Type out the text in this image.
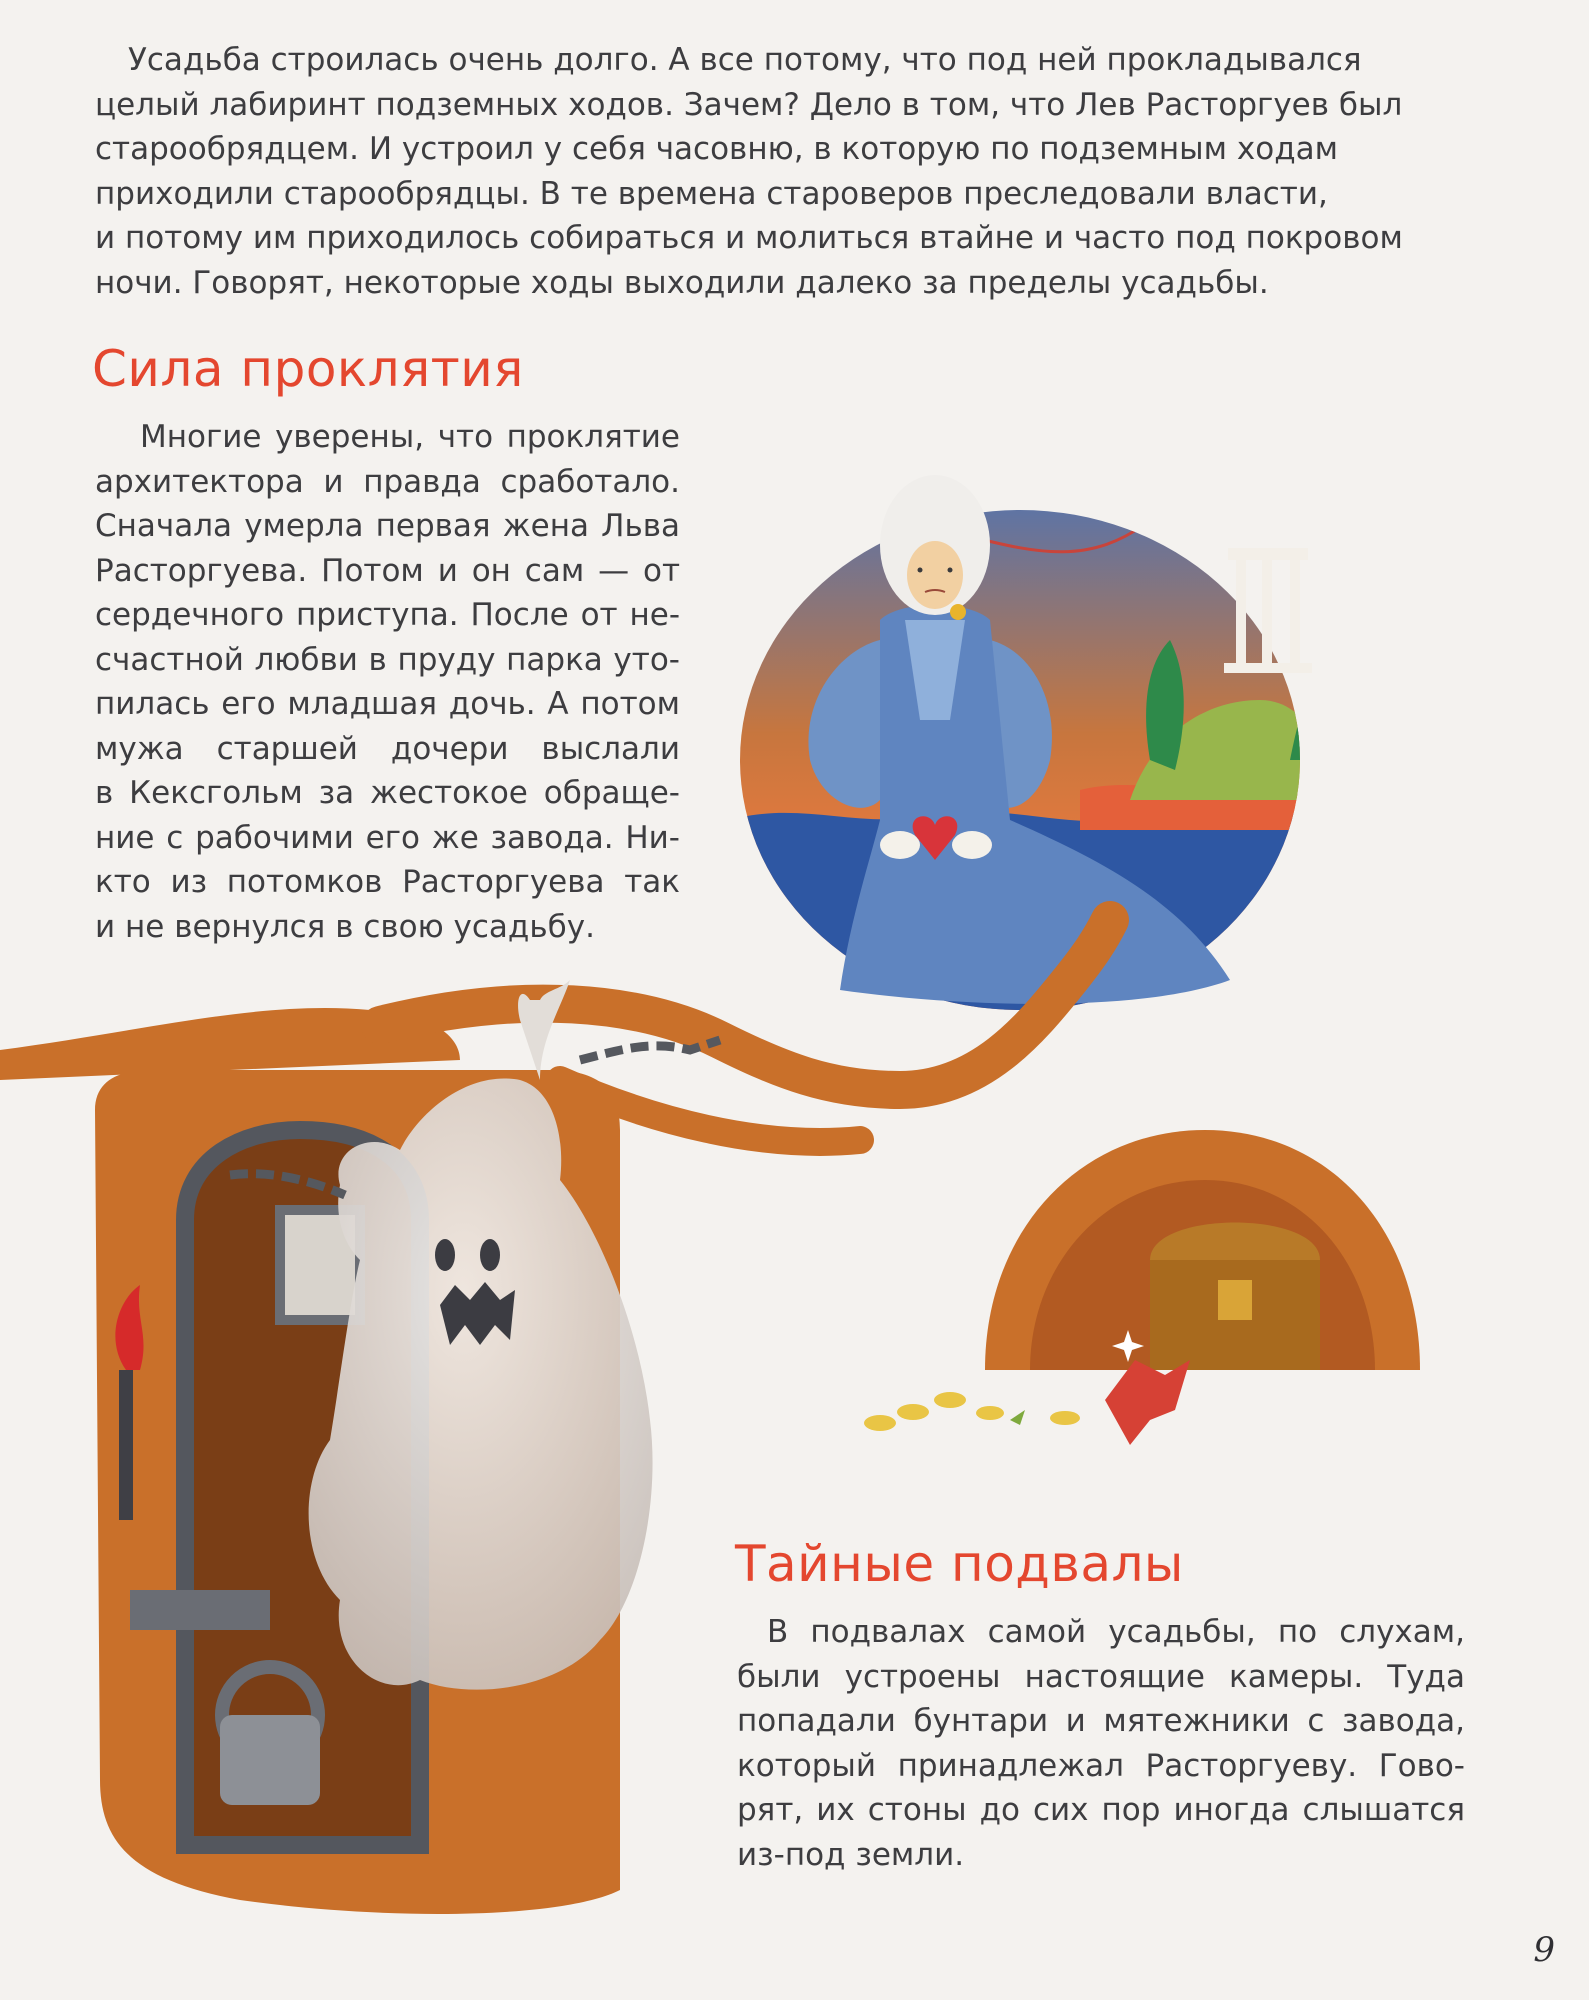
Усадьба строилась очень долго. А все потому, что под ней прокладывался

целый лабиринт подземных ходов. Зачем? Дело в том, что Лев Расторгуев был

старообрядцем. И устроил у себя часовню, в которую по подземным ходам

приходили старообрядцы. В те времена староверов преследовали власти,

и потому им приходилось собираться и молиться втайне и часто под покровом

ночи. Говорят, некоторые ходы выходили далеко за пределы усадьбы.

Сила проклятия

Многие уверены, что проклятие

архитектора и правда сработало.

Сначала умерла первая жена Льва

Расторгуева. Потом и он сам — от

сердечного приступа. После от не-

счастной любви в пруду парка уто-

пилась его младшая дочь. А потом

мужа старшей дочери выслали

в Кексгольм за жестокое обраще-

ние с рабочими его же завода. Ни-

кто из потомков Расторгуева так

и не вернулся в свою усадьбу.

Тайные подвалы

В подвалах самой усадьбы, по слухам,

были устроены настоящие камеры. Туда

попадали бунтари и мятежники с завода,

который принадлежал Расторгуеву. Гово-

рят, их стоны до сих пор иногда слышатся

из-под земли.

9
